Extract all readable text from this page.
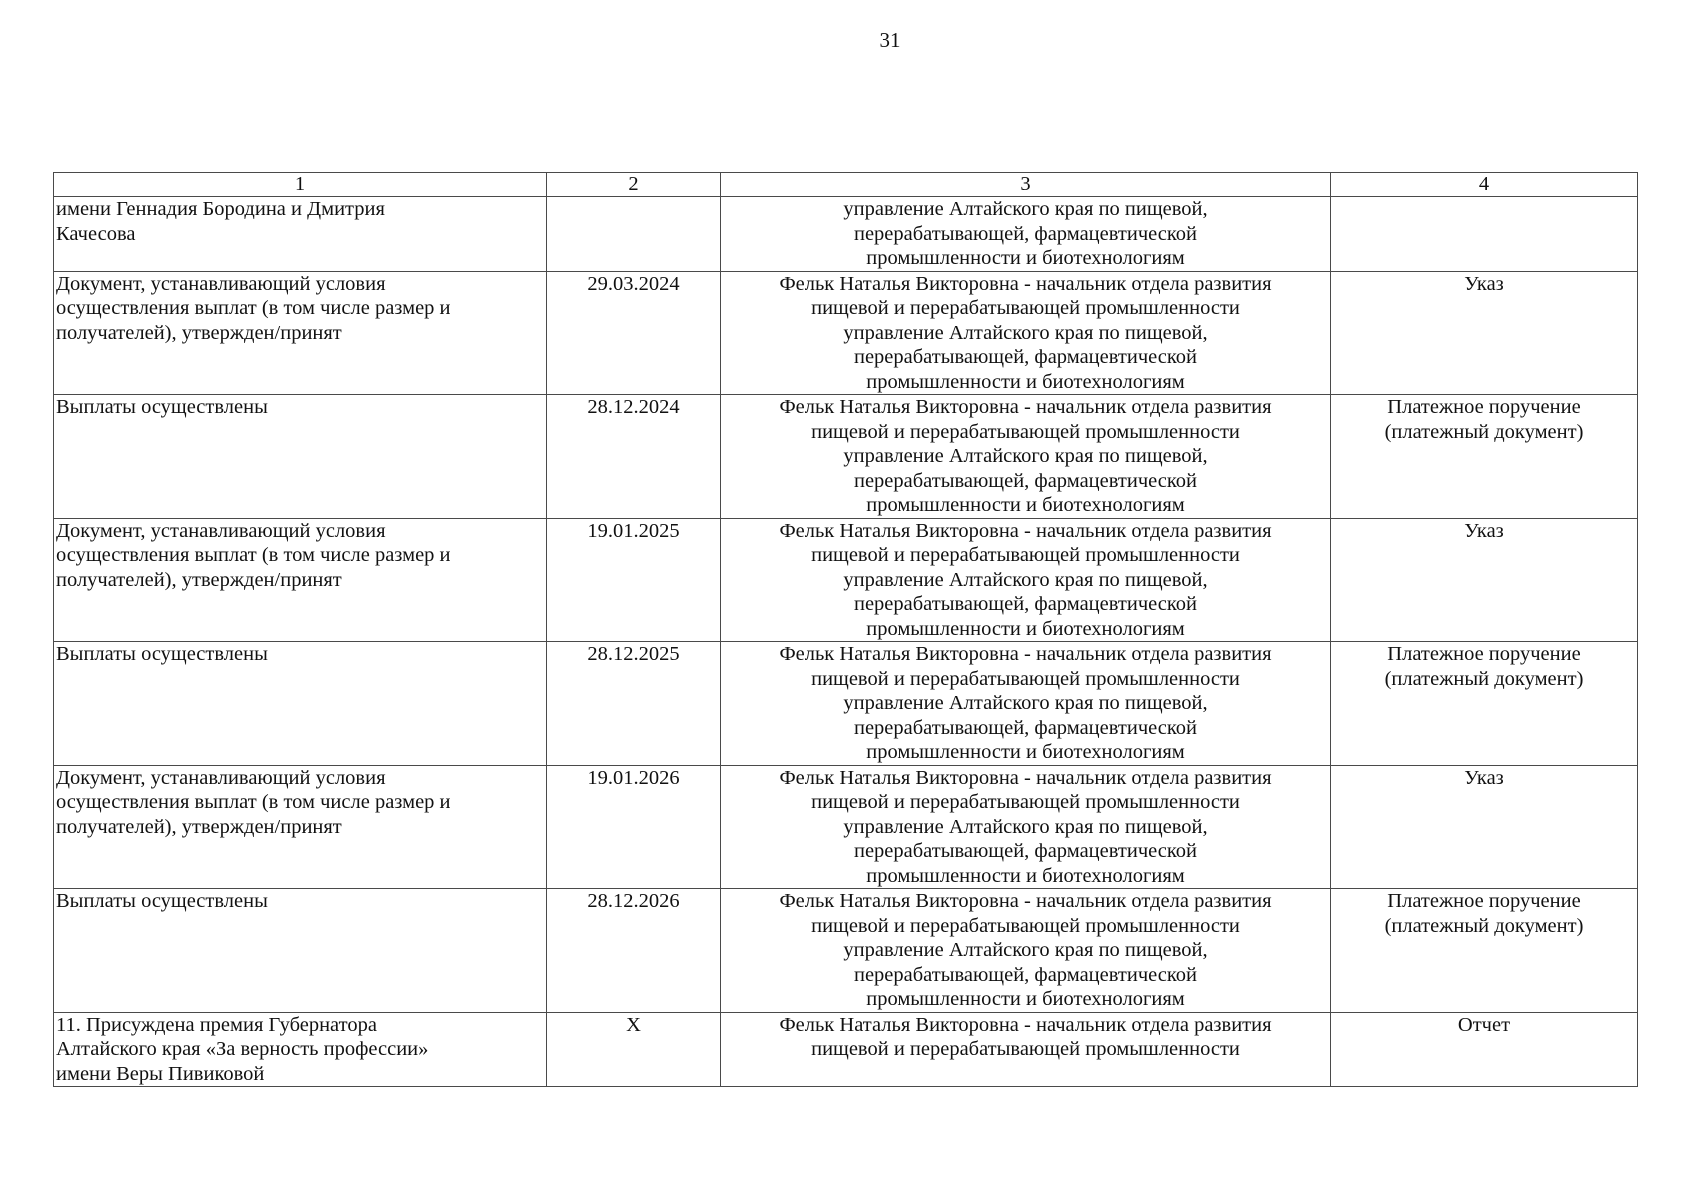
31
1	2	3	4

имени Геннадия Бородина и Дмитрия
Качесова		управление Алтайского края по пищевой,
перерабатывающей, фармацевтической
промышленности и биотехнологиям	

Документ, устанавливающий условия
осуществления выплат (в том числе размер и
получателей), утвержден/принят	29.03.2024	Фельк Наталья Викторовна - начальник отдела развития
пищевой и перерабатывающей промышленности
управление Алтайского края по пищевой,
перерабатывающей, фармацевтической
промышленности и биотехнологиям	Указ

Выплаты осуществлены	28.12.2024	Фельк Наталья Викторовна - начальник отдела развития
пищевой и перерабатывающей промышленности
управление Алтайского края по пищевой,
перерабатывающей, фармацевтической
промышленности и биотехнологиям	Платежное поручение
(платежный документ)

Документ, устанавливающий условия
осуществления выплат (в том числе размер и
получателей), утвержден/принят	19.01.2025	Фельк Наталья Викторовна - начальник отдела развития
пищевой и перерабатывающей промышленности
управление Алтайского края по пищевой,
перерабатывающей, фармацевтической
промышленности и биотехнологиям	Указ

Выплаты осуществлены	28.12.2025	Фельк Наталья Викторовна - начальник отдела развития
пищевой и перерабатывающей промышленности
управление Алтайского края по пищевой,
перерабатывающей, фармацевтической
промышленности и биотехнологиям	Платежное поручение
(платежный документ)

Документ, устанавливающий условия
осуществления выплат (в том числе размер и
получателей), утвержден/принят	19.01.2026	Фельк Наталья Викторовна - начальник отдела развития
пищевой и перерабатывающей промышленности
управление Алтайского края по пищевой,
перерабатывающей, фармацевтической
промышленности и биотехнологиям	Указ

Выплаты осуществлены	28.12.2026	Фельк Наталья Викторовна - начальник отдела развития
пищевой и перерабатывающей промышленности
управление Алтайского края по пищевой,
перерабатывающей, фармацевтической
промышленности и биотехнологиям	Платежное поручение
(платежный документ)

11. Присуждена премия Губернатора
Алтайского края «За верность профессии»
имени Веры Пивиковой	Х	Фельк Наталья Викторовна - начальник отдела развития
пищевой и перерабатывающей промышленности	Отчет
